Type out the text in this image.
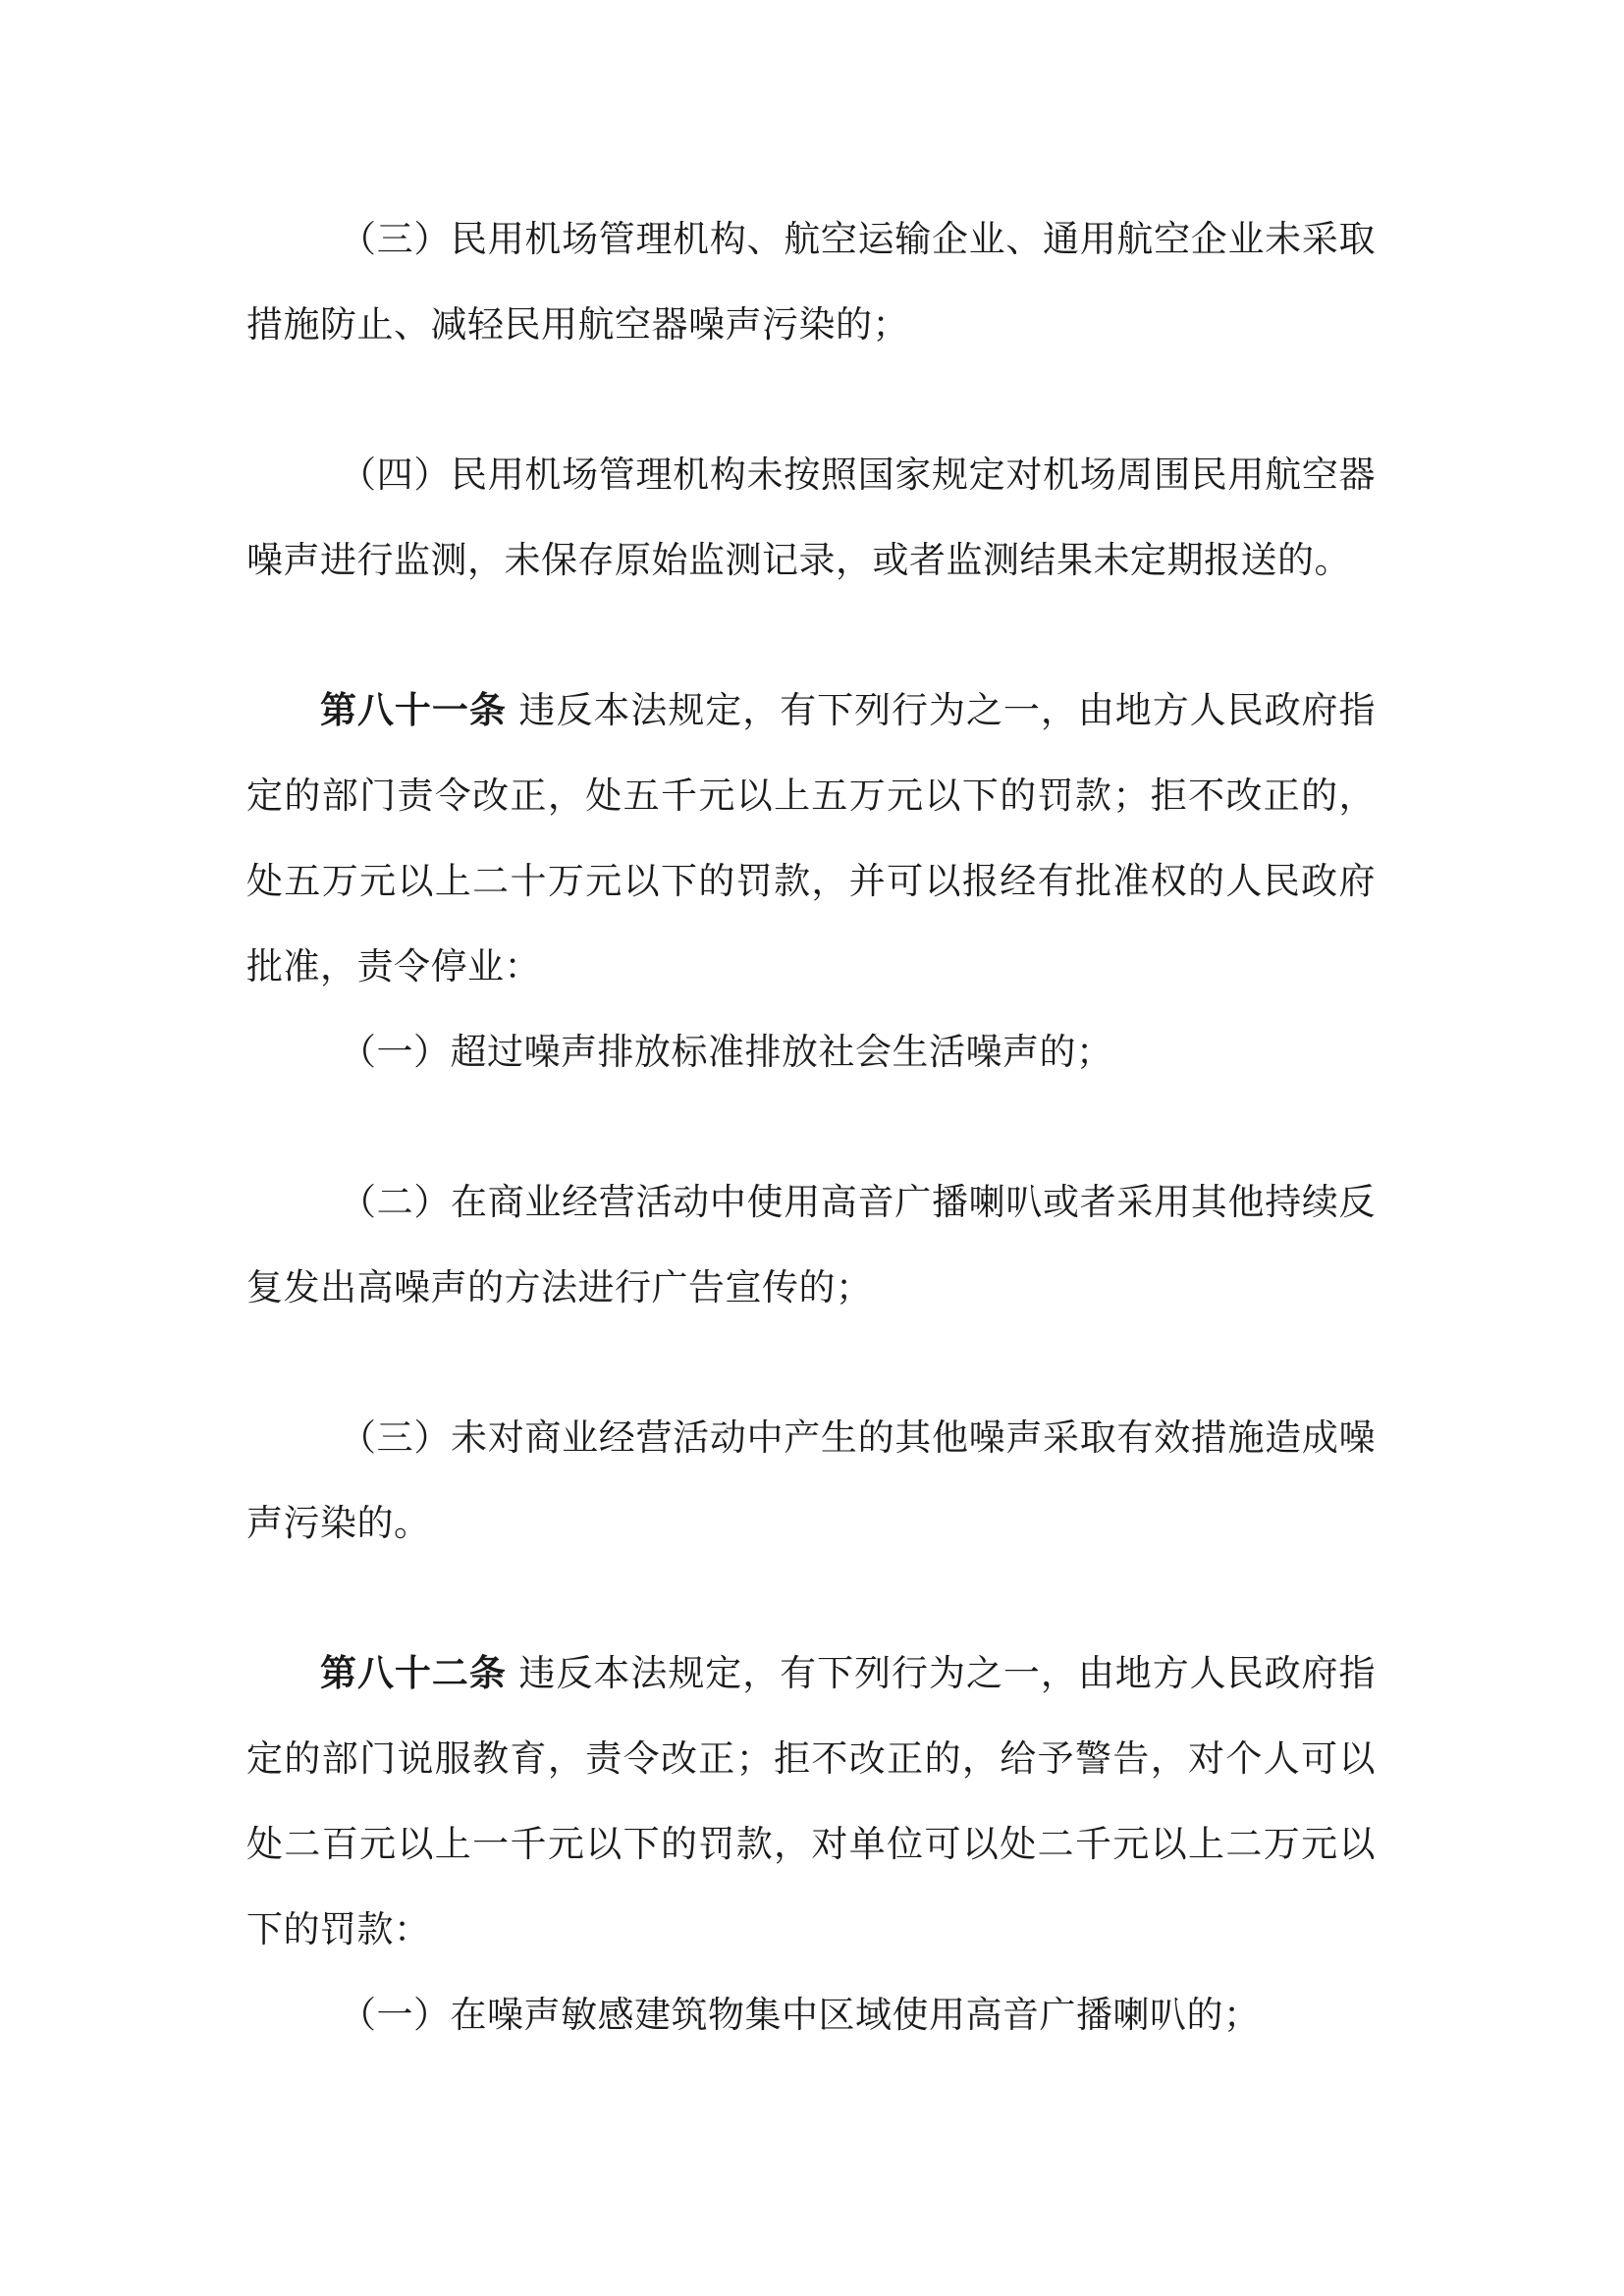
（三）民用机场管理机构、航空运输企业、通用航空企业未采取措施防止、减轻民用航空器噪声污染的；

（四）民用机场管理机构未按照国家规定对机场周围民用航空器噪声进行监测，未保存原始监测记录，或者监测结果未定期报送的。

第八十一条 违反本法规定，有下列行为之一，由地方人民政府指定的部门责令改正，处五千元以上五万元以下的罚款；拒不改正的，处五万元以上二十万元以下的罚款，并可以报经有批准权的人民政府批准，责令停业：

（一）超过噪声排放标准排放社会生活噪声的；

（二）在商业经营活动中使用高音广播喇叭或者采用其他持续反复发出高噪声的方法进行广告宣传的；

（三）未对商业经营活动中产生的其他噪声采取有效措施造成噪声污染的。

第八十二条 违反本法规定，有下列行为之一，由地方人民政府指定的部门说服教育，责令改正；拒不改正的，给予警告，对个人可以处二百元以上一千元以下的罚款，对单位可以处二千元以上二万元以下的罚款：

（一）在噪声敏感建筑物集中区域使用高音广播喇叭的；
